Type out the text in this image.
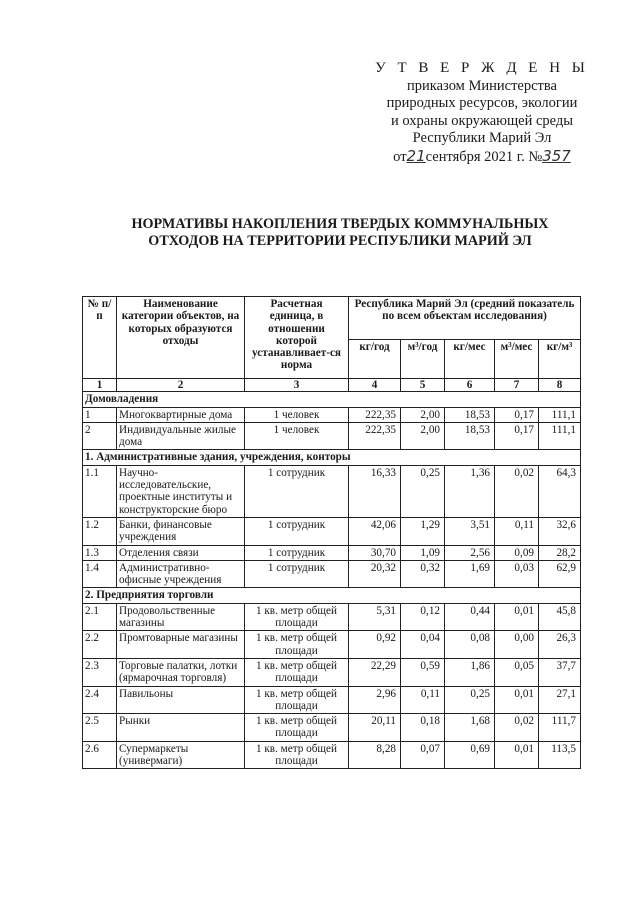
У Т В Е Р Ж Д Е Н Ы
приказом Министерства
природных ресурсов, экологии
и охраны окружающей среды
Республики Марий Эл
от21сентября 2021 г. №357
НОРМАТИВЫ НАКОПЛЕНИЯ ТВЕРДЫХ КОММУНАЛЬНЫХ
ОТХОДОВ НА ТЕРРИТОРИИ РЕСПУБЛИКИ МАРИЙ ЭЛ
№ п/п	Наименование категории объектов, на которых образуются отходы	Расчетная единица, в отношении которой устанавливает-ся норма	Республика Марий Эл (средний показатель по всем объектам исследования)				
			кг/год	м³/год	кг/мес	м³/мес	кг/м³
1	2	3	4	5	6	7	8
Домовладения							
1	Многоквартирные дома	1 человек	222,35	2,00	18,53	0,17	111,1
2	Индивидуальные жилые дома	1 человек	222,35	2,00	18,53	0,17	111,1
1. Административные здания, учреждения, конторы							
1.1	Научно-исследовательские, проектные институты и конструкторские бюро	1 сотрудник	16,33	0,25	1,36	0,02	64,3
1.2	Банки, финансовые учреждения	1 сотрудник	42,06	1,29	3,51	0,11	32,6
1.3	Отделения связи	1 сотрудник	30,70	1,09	2,56	0,09	28,2
1.4	Административно-офисные учреждения	1 сотрудник	20,32	0,32	1,69	0,03	62,9
2. Предприятия торговли							
2.1	Продовольственные магазины	1 кв. метр общей площади	5,31	0,12	0,44	0,01	45,8
2.2	Промтоварные магазины	1 кв. метр общей площади	0,92	0,04	0,08	0,00	26,3
2.3	Торговые палатки, лотки (ярмарочная торговля)	1 кв. метр общей площади	22,29	0,59	1,86	0,05	37,7
2.4	Павильоны	1 кв. метр общей площади	2,96	0,11	0,25	0,01	27,1
2.5	Рынки	1 кв. метр общей площади	20,11	0,18	1,68	0,02	111,7
2.6	Супермаркеты (универмаги)	1 кв. метр общей площади	8,28	0,07	0,69	0,01	113,5
